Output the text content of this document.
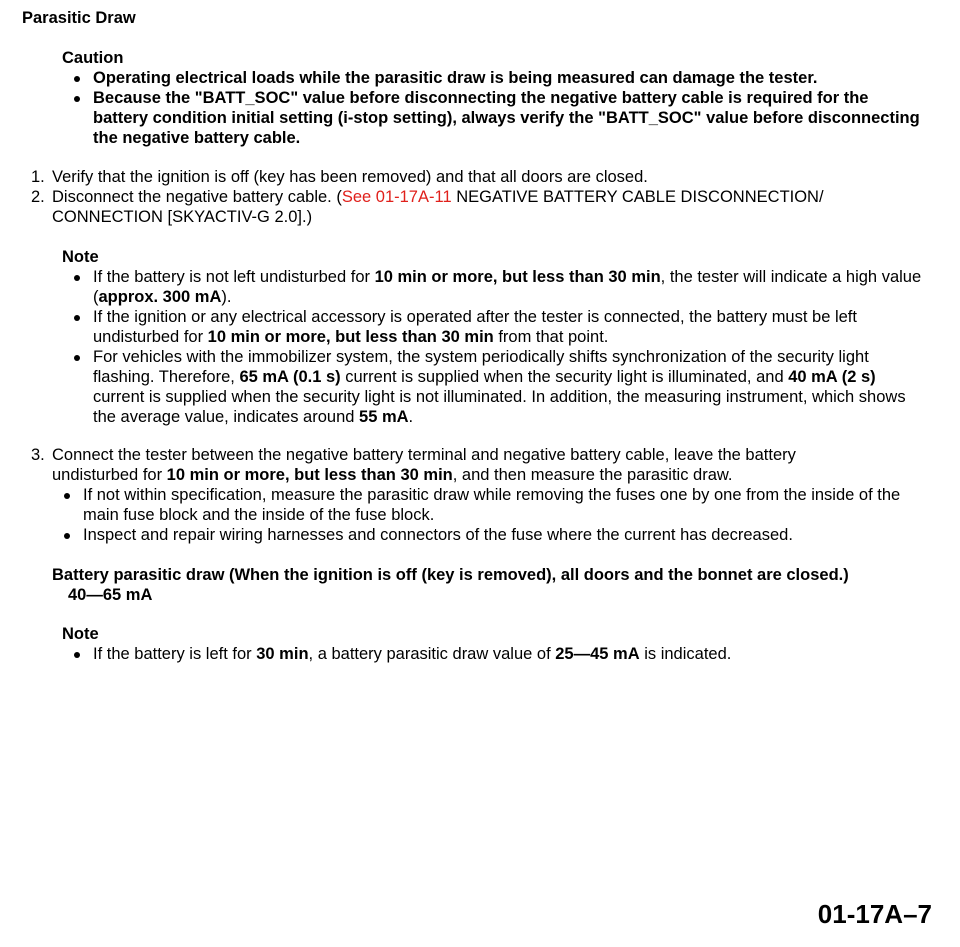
Parasitic Draw

Caution

Operating electrical loads while the parasitic draw is being measured can damage the tester.
Because the "BATT_SOC" value before disconnecting the negative battery cable is required for the battery condition initial setting (i-stop setting), always verify the "BATT_SOC" value before disconnecting the negative battery cable.
1. Verify that the ignition is off (key has been removed) and that all doors are closed.
2. Disconnect the negative battery cable. (See 01-17A-11 NEGATIVE BATTERY CABLE DISCONNECTION/ CONNECTION [SKYACTIV-G 2.0].)

Note

If the battery is not left undisturbed for 10 min or more, but less than 30 min, the tester will indicate a high value (approx. 300 mA).
If the ignition or any electrical accessory is operated after the tester is connected, the battery must be left undisturbed for 10 min or more, but less than 30 min from that point.
For vehicles with the immobilizer system, the system periodically shifts synchronization of the security light flashing. Therefore, 65 mA (0.1 s) current is supplied when the security light is illuminated, and 40 mA (2 s) current is supplied when the security light is not illuminated. In addition, the measuring instrument, which shows the average value, indicates around 55 mA.
3. Connect the tester between the negative battery terminal and negative battery cable, leave the battery undisturbed for 10 min or more, but less than 30 min, and then measure the parasitic draw.
If not within specification, measure the parasitic draw while removing the fuses one by one from the inside of the main fuse block and the inside of the fuse block.
Inspect and repair wiring harnesses and connectors of the fuse where the current has decreased.
Battery parasitic draw (When the ignition is off (key is removed), all doors and the bonnet are closed.)
40—65 mA

Note

If the battery is left for 30 min, a battery parasitic draw value of 25—45 mA is indicated.
01-17A–7
